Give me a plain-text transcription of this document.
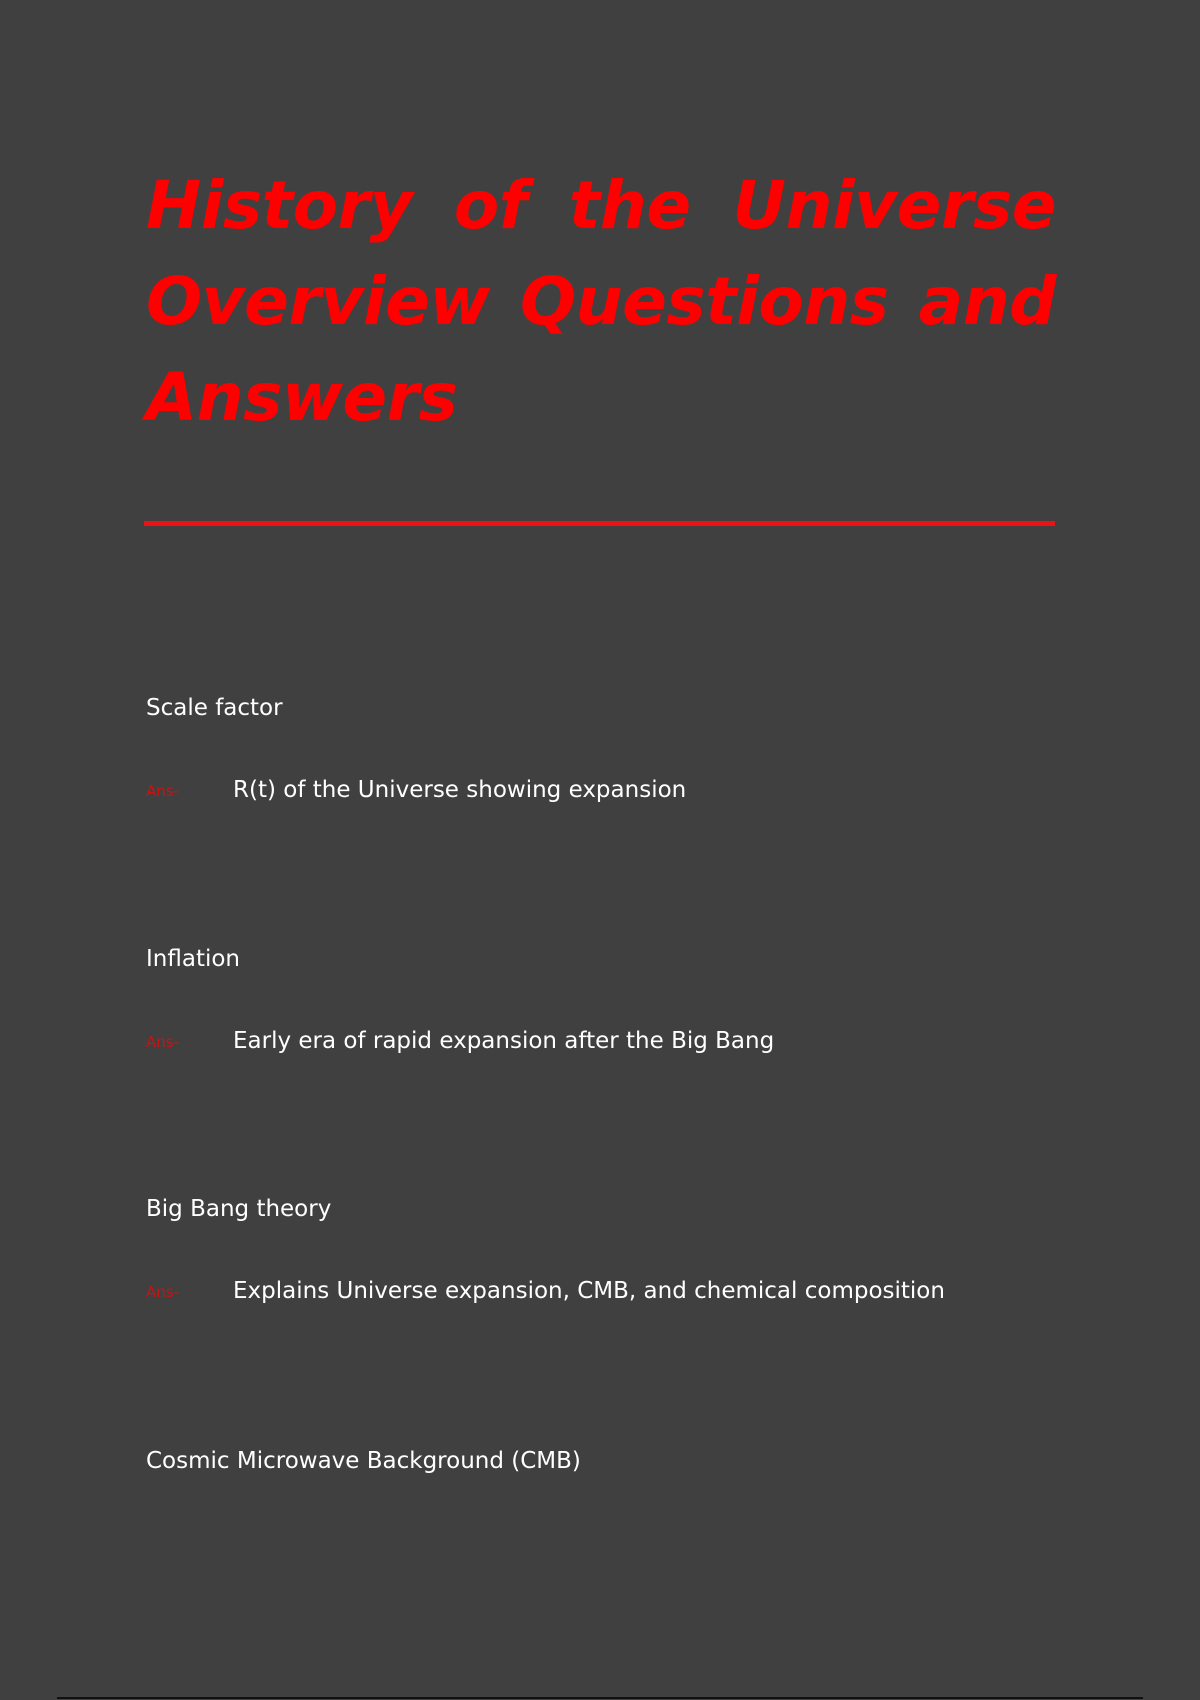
History of the Universe Overview Questions and Answers

Scale factor

Ans- R(t) of the Universe showing expansion

Inflation

Ans- Early era of rapid expansion after the Big Bang

Big Bang theory

Ans- Explains Universe expansion, CMB, and chemical composition

Cosmic Microwave Background (CMB)
